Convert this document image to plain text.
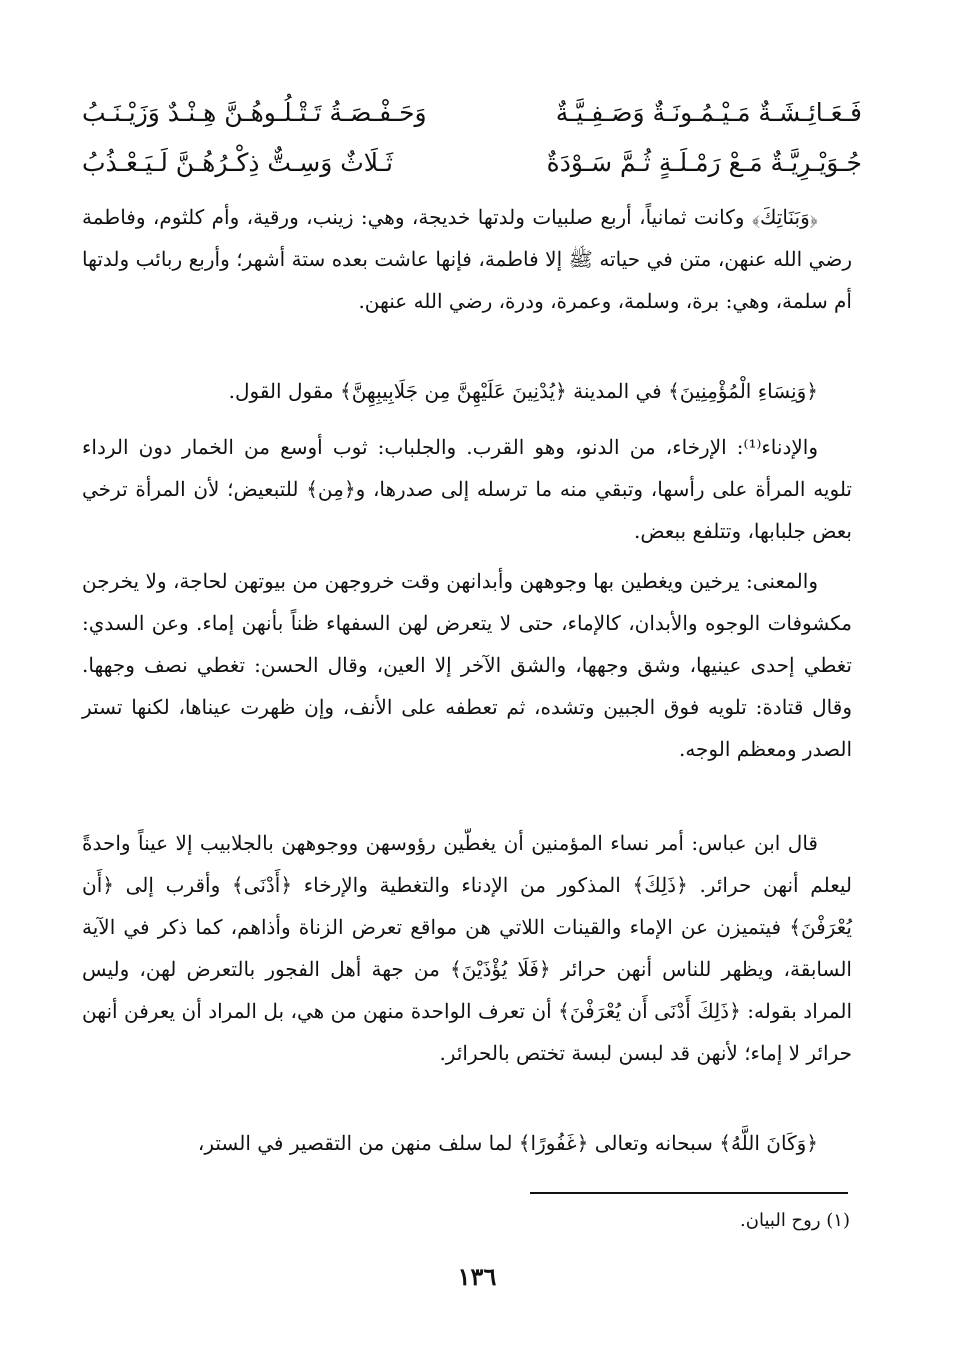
فَـعَـائِـشَـةٌ مَـيْـمُـونَـةٌ وَصَـفِـيَّـةٌ
وَحَـفْـصَـةُ تَـتْـلُـوهُـنَّ هِـنْـدٌ وَزَيْـنَـبُ
جُـوَيْـرِيَّـةٌ مَـعْ رَمْـلَـةٍ ثُـمَّ سَـوْدَةٌ
ثَـلَاثٌ وَسِـتٌّ ذِكْـرُهُـنَّ لَـيَـعْـذُبُ

﴿وَبَنَاتِكَ﴾ وكانت ثمانياً، أربع صلبيات ولدتها خديجة، وهي: زينب، ورقية، وأم كلثوم، وفاطمة رضي الله عنهن، متن في حياته ﷺ إلا فاطمة، فإنها عاشت بعده ستة أشهر؛ وأربع ربائب ولدتها أم سلمة، وهي: برة، وسلمة، وعمرة، ودرة، رضي الله عنهن.

﴿وَنِسَاءِ الْمُؤْمِنِينَ﴾ في المدينة ﴿يُدْنِينَ عَلَيْهِنَّ مِن جَلَابِيبِهِنَّ﴾ مقول القول.

والإدناء⁽¹⁾: الإرخاء، من الدنو، وهو القرب. والجلباب: ثوب أوسع من الخمار دون الرداء تلويه المرأة على رأسها، وتبقي منه ما ترسله إلى صدرها، و﴿مِن﴾ للتبعيض؛ لأن المرأة ترخي بعض جلبابها، وتتلفع ببعض.

والمعنى: يرخين ويغطين بها وجوههن وأبدانهن وقت خروجهن من بيوتهن لحاجة، ولا يخرجن مكشوفات الوجوه والأبدان، كالإماء، حتى لا يتعرض لهن السفهاء ظناً بأنهن إماء. وعن السدي: تغطي إحدى عينيها، وشق وجهها، والشق الآخر إلا العين، وقال الحسن: تغطي نصف وجهها. وقال قتادة: تلويه فوق الجبين وتشده، ثم تعطفه على الأنف، وإن ظهرت عيناها، لكنها تستر الصدر ومعظم الوجه.

قال ابن عباس: أمر نساء المؤمنين أن يغطّين رؤوسهن ووجوههن بالجلابيب إلا عيناً واحدةً ليعلم أنهن حرائر. ﴿ذَلِكَ﴾ المذكور من الإدناء والتغطية والإرخاء ﴿أَدْنَى﴾ وأقرب إلى ﴿أَن يُعْرَفْنَ﴾ فيتميزن عن الإماء والقينات اللاتي هن مواقع تعرض الزناة وأذاهم، كما ذكر في الآية السابقة، ويظهر للناس أنهن حرائر ﴿فَلَا يُؤْذَيْنَ﴾ من جهة أهل الفجور بالتعرض لهن، وليس المراد بقوله: ﴿ذَلِكَ أَدْنَى أَن يُعْرَفْنَ﴾ أن تعرف الواحدة منهن من هي، بل المراد أن يعرفن أنهن حرائر لا إماء؛ لأنهن قد لبسن لبسة تختص بالحرائر.

﴿وَكَانَ اللَّهُ﴾ سبحانه وتعالى ﴿غَفُورًا﴾ لما سلف منهن من التقصير في الستر،

(١) روح البيان.
١٣٦
